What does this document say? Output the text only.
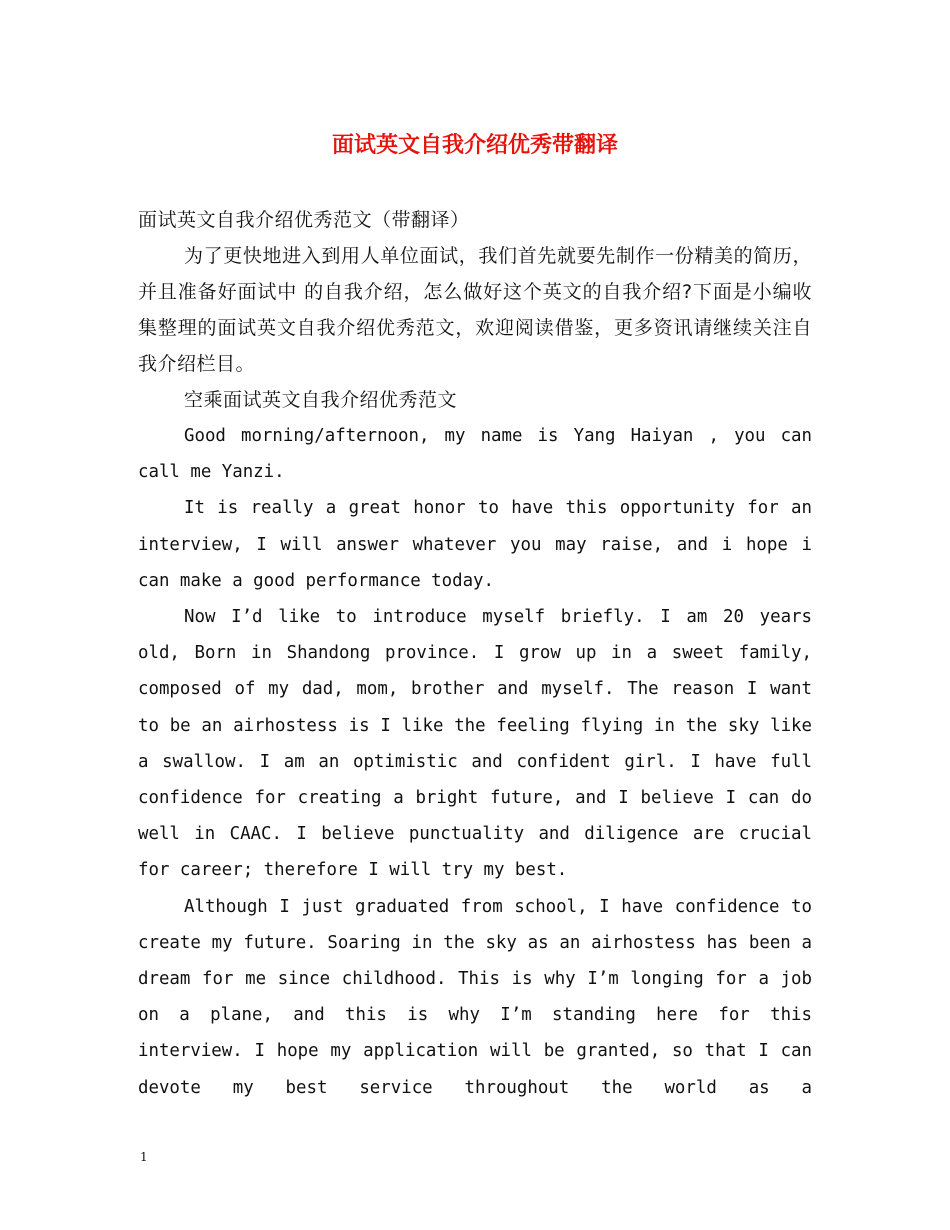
面试英文自我介绍优秀带翻译

面试英文自我介绍优秀范文（带翻译）

为了更快地进入到用人单位面试，我们首先就要先制作一份精美的简历，并且准备好面试中 的自我介绍，怎么做好这个英文的自我介绍?下面是小编收集整理的面试英文自我介绍优秀范文，欢迎阅读借鉴，更多资讯请继续关注自我介绍栏目。

空乘面试英文自我介绍优秀范文

Good morning/afternoon, my name is Yang Haiyan , you can call me Yanzi.

It is really a great honor to have this opportunity for an interview, I will answer whatever you may raise, and i hope i can make a good performance today.

Now I’d like to introduce myself briefly. I am 20 years old, Born in Shandong province. I grow up in a sweet family, composed of my dad, mom, brother and myself. The reason I want to be an airhostess is I like the feeling flying in the sky like a swallow. I am an optimistic and confident girl. I have full confidence for creating a bright future, and I believe I can do well in CAAC. I believe punctuality and diligence are crucial for career; therefore I will try my best.

Although I just graduated from school, I have confidence to create my future. Soaring in the sky as an airhostess has been a dream for me since childhood. This is why I’m longing for a job on a plane, and this is why I’m standing here for this interview. I hope my application will be granted, so that I can devote my best service throughout the world as a

1
